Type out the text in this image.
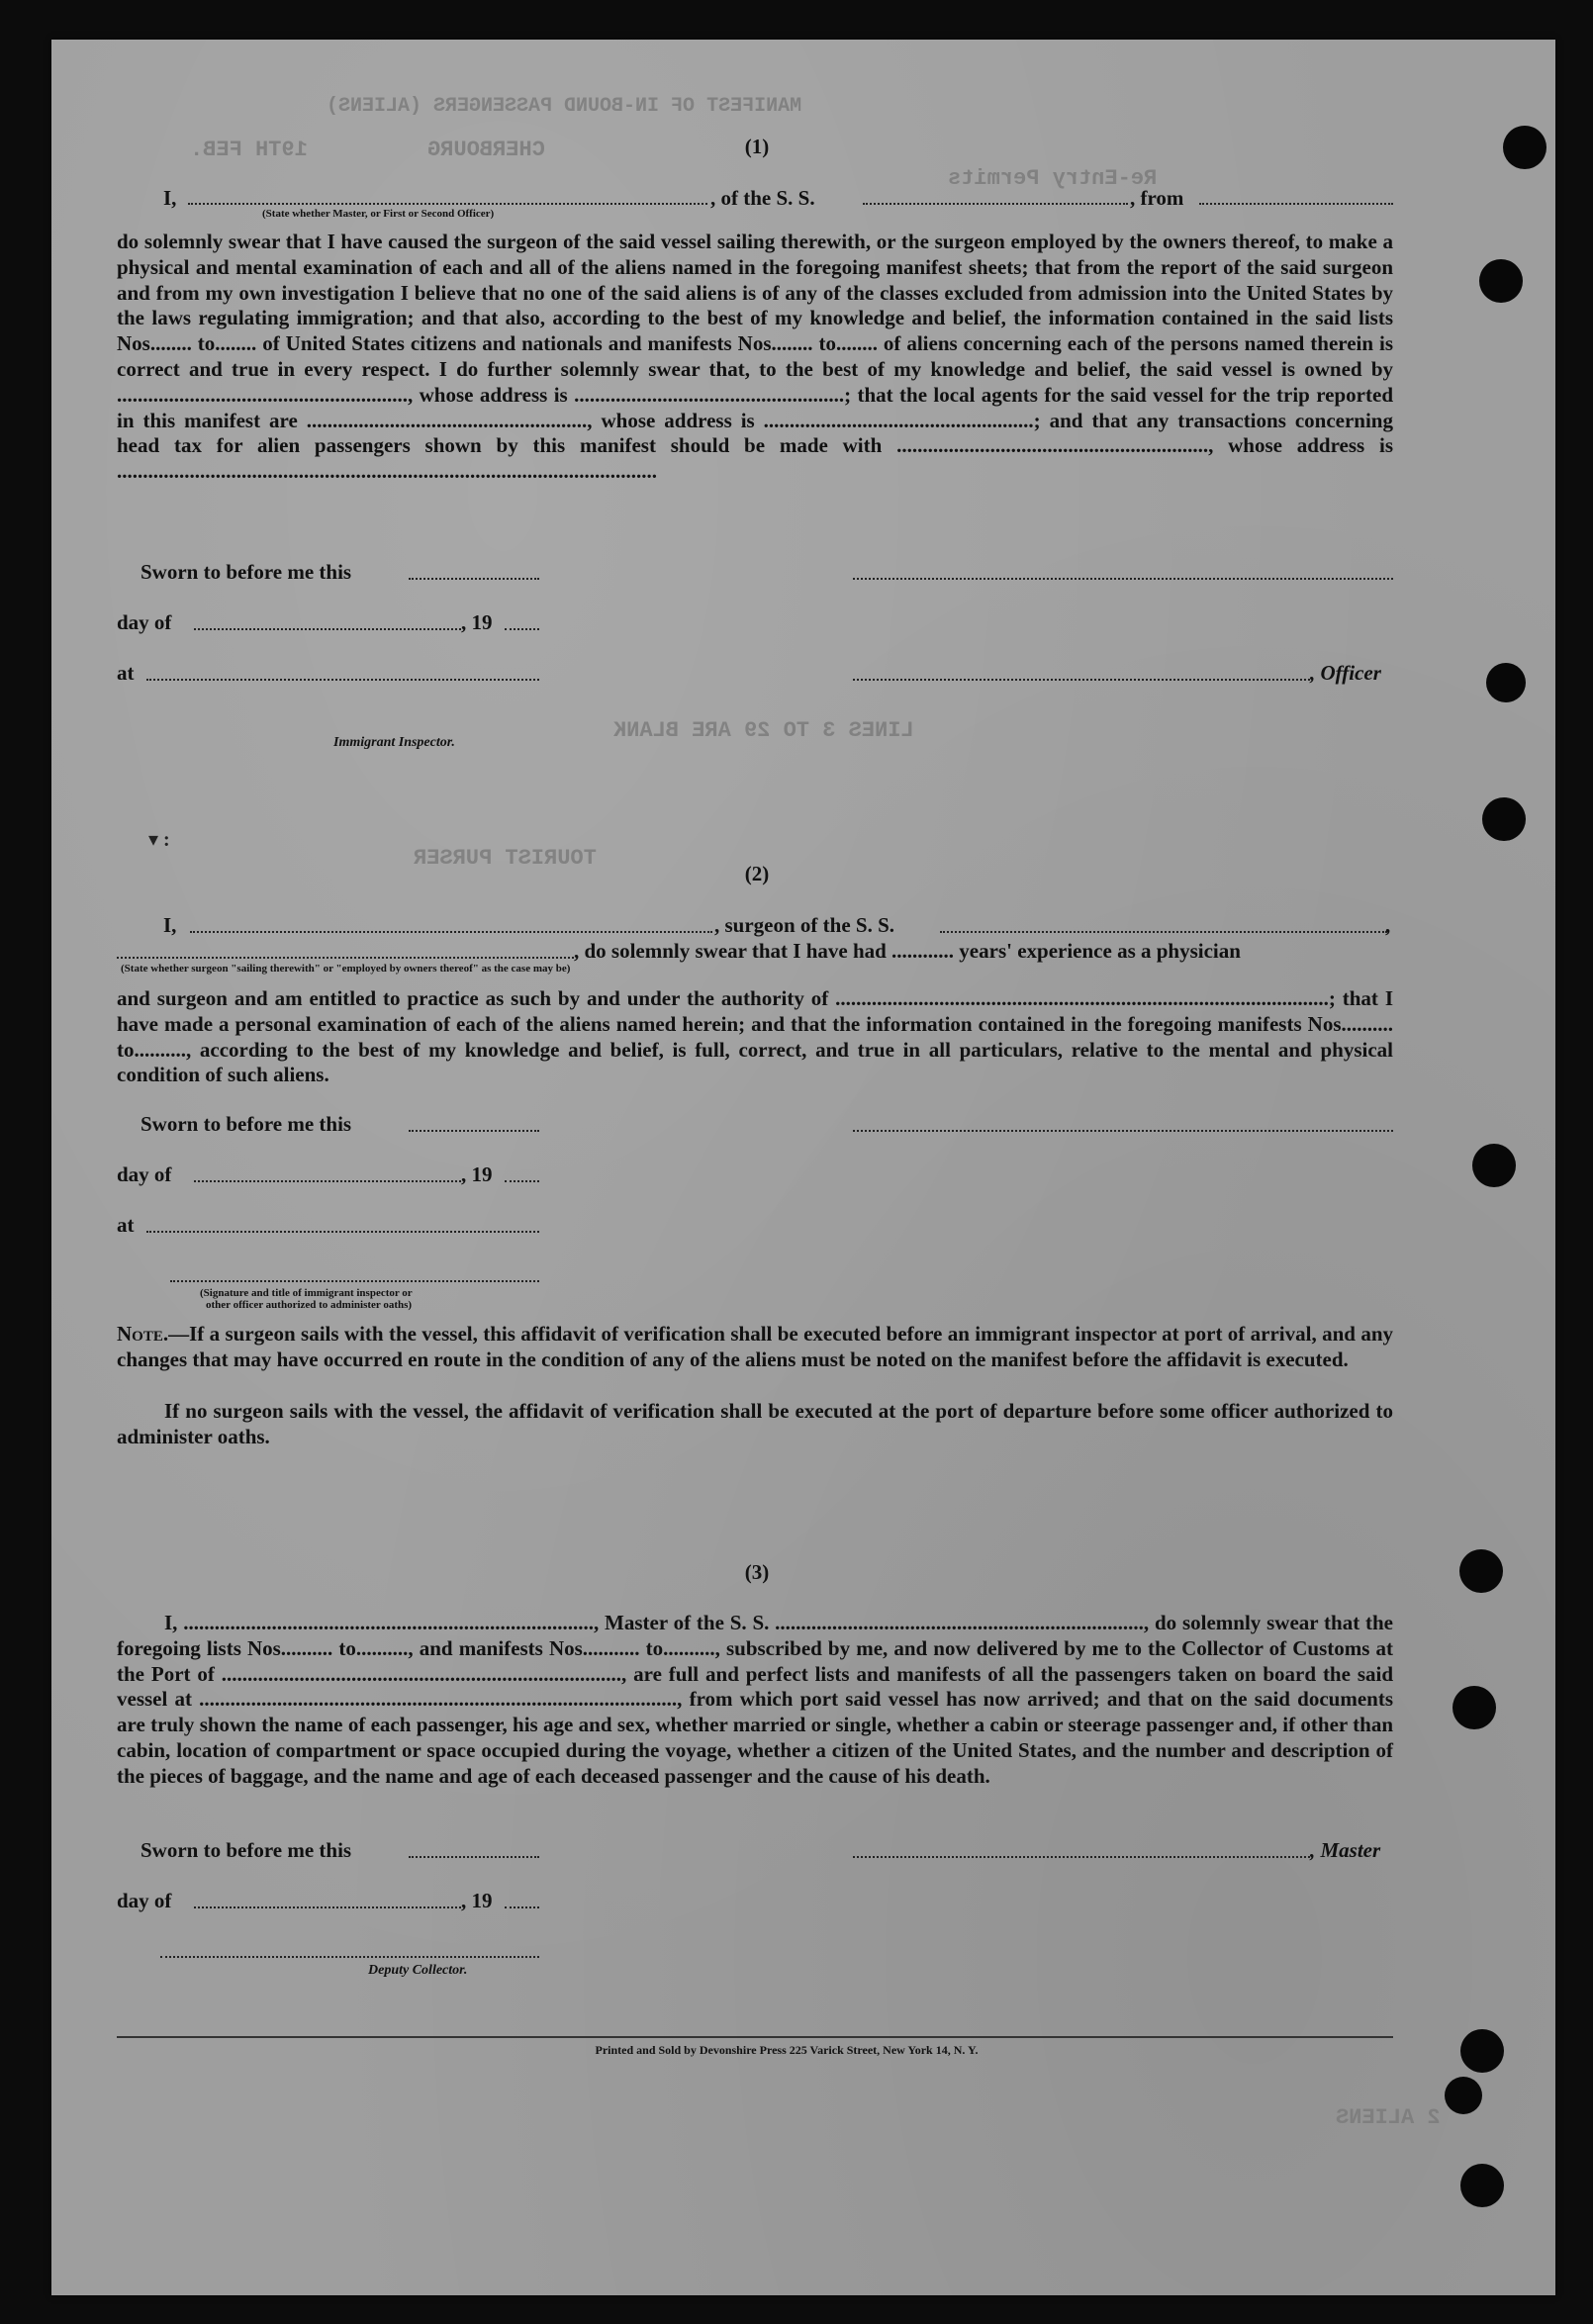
MANIFEST OF IN-BOUND PASSENGERS (ALIENS)
19TH FEB.	CHERBOURG
Re-Entry Permits
LINES 3 TO 29 ARE BLANK
TOURIST PURSER
2 ALIENS
(1)
I,	, of the S. S.	, from
(State whether Master, or First or Second Officer)
do solemnly swear that I have caused the surgeon of the said vessel sailing therewith, or the surgeon employed by the owners thereof, to make a physical and mental examination of each and all of the aliens named in the foregoing manifest sheets; that from the report of the said surgeon and from my own investigation I believe that no one of the said aliens is of any of the classes excluded from admission into the United States by the laws regulating immigration; and that also, according to the best of my knowledge and belief, the information contained in the said lists Nos........ to........ of United States citizens and nationals and manifests Nos........ to........ of aliens concerning each of the persons named therein is correct and true in every respect. I do further solemnly swear that, to the best of my knowledge and belief, the said vessel is owned by ........................................................, whose address is ....................................................; that the local agents for the said vessel for the trip reported in this manifest are ......................................................, whose address is ....................................................; and that any transactions concerning head tax for alien passengers shown by this manifest should be made with ............................................................, whose address is ........................................................................................................
Sworn to before me this
day of	, 19
at	, Officer
Immigrant Inspector.
▾ :
(2)
I,	, surgeon of the S. S.	,
, do solemnly swear that I have had ............ years' experience as a physician
(State whether surgeon "sailing therewith" or "employed by owners thereof" as the case may be)
and surgeon and am entitled to practice as such by and under the authority of ...............................................................................................; that I have made a personal examination of each of the aliens named herein; and that the information contained in the foregoing manifests Nos.......... to.........., according to the best of my knowledge and belief, is full, correct, and true in all particulars, relative to the mental and physical condition of such aliens.
Sworn to before me this
day of	, 19
at
(Signature and title of immigrant inspector or
other officer authorized to administer oaths)
Note.—If a surgeon sails with the vessel, this affidavit of verification shall be executed before an immigrant inspector at port of arrival, and any changes that may have occurred en route in the condition of any of the aliens must be noted on the manifest before the affidavit is executed.
If no surgeon sails with the vessel, the affidavit of verification shall be executed at the port of departure before some officer authorized to administer oaths.
(3)
I, ..............................................................................., Master of the S. S. ......................................................................., do solemnly swear that the foregoing lists Nos.......... to.........., and manifests Nos........... to.........., subscribed by me, and now delivered by me to the Collector of Customs at the Port of ............................................................................., are full and perfect lists and manifests of all the passengers taken on board the said vessel at ............................................................................................, from which port said vessel has now arrived; and that on the said documents are truly shown the name of each passenger, his age and sex, whether married or single, whether a cabin or steerage passenger and, if other than cabin, location of compartment or space occupied during the voyage, whether a citizen of the United States, and the number and description of the pieces of baggage, and the name and age of each deceased passenger and the cause of his death.
Sworn to before me this	, Master
day of	, 19
Deputy Collector.
Printed and Sold by Devonshire Press 225 Varick Street, New York 14, N. Y.
